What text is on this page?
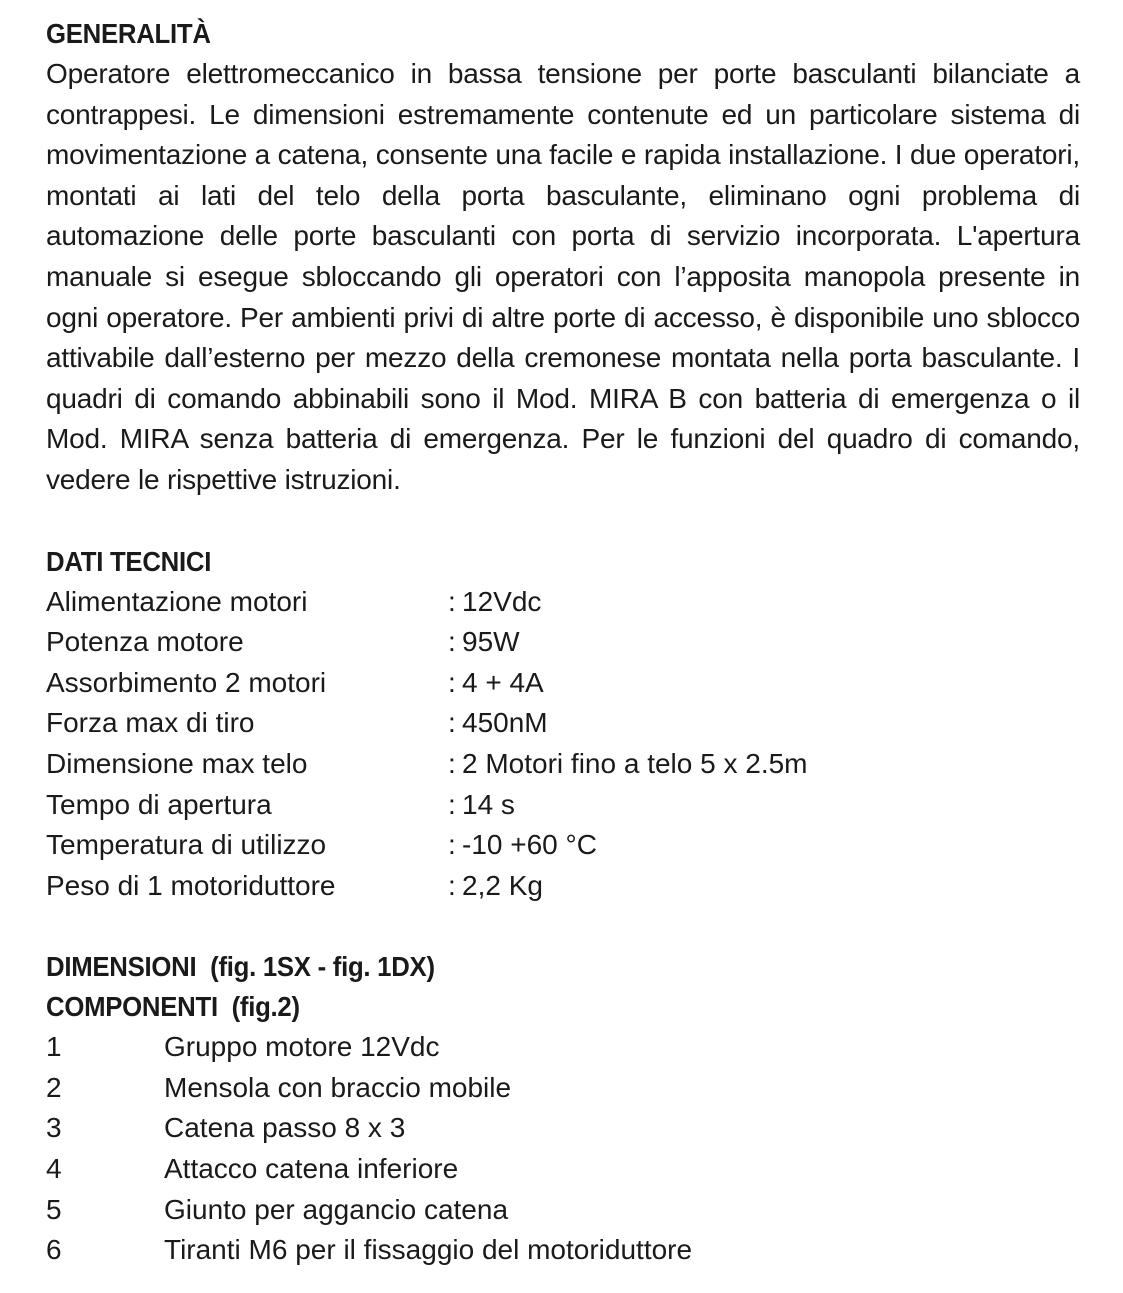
GENERALITÀ

Operatore elettromeccanico in bassa tensione per porte basculanti bilanciate a contrappesi. Le dimensioni estremamente contenute ed un particolare sistema di movimentazione a catena, consente una facile e rapida installazione. I due operatori, montati ai lati del telo della porta basculante, eliminano ogni problema di automazione delle porte basculanti con porta di servizio incorporata. L'apertura manuale si esegue sbloccando gli operatori con l’apposita manopola presente in ogni operatore. Per ambienti privi di altre porte di accesso, è disponibile uno sblocco attivabile dall’esterno per mezzo della cremonese montata nella porta basculante. I quadri di comando abbinabili sono il Mod. MIRA B con batteria di emergenza o il Mod. MIRA senza batteria di emergenza. Per le funzioni del quadro di comando, vedere le rispettive istruzioni.

DATI TECNICI
Alimentazione motori	: 12Vdc
Potenza motore	: 95W
Assorbimento 2 motori	: 4 + 4A
Forza max di tiro	: 450nM
Dimensione max telo	: 2 Motori fino a telo 5 x 2.5m
Tempo di apertura	: 14 s
Temperatura di utilizzo	: -10 +60 °C
Peso di 1 motoriduttore	: 2,2 Kg
DIMENSIONI  (fig. 1SX - fig. 1DX)
COMPONENTI  (fig.2)
1	Gruppo motore 12Vdc
2	Mensola con braccio mobile
3	Catena passo 8 x 3
4	Attacco catena inferiore
5	Giunto per aggancio catena
6	Tiranti M6 per il fissaggio del motoriduttore
